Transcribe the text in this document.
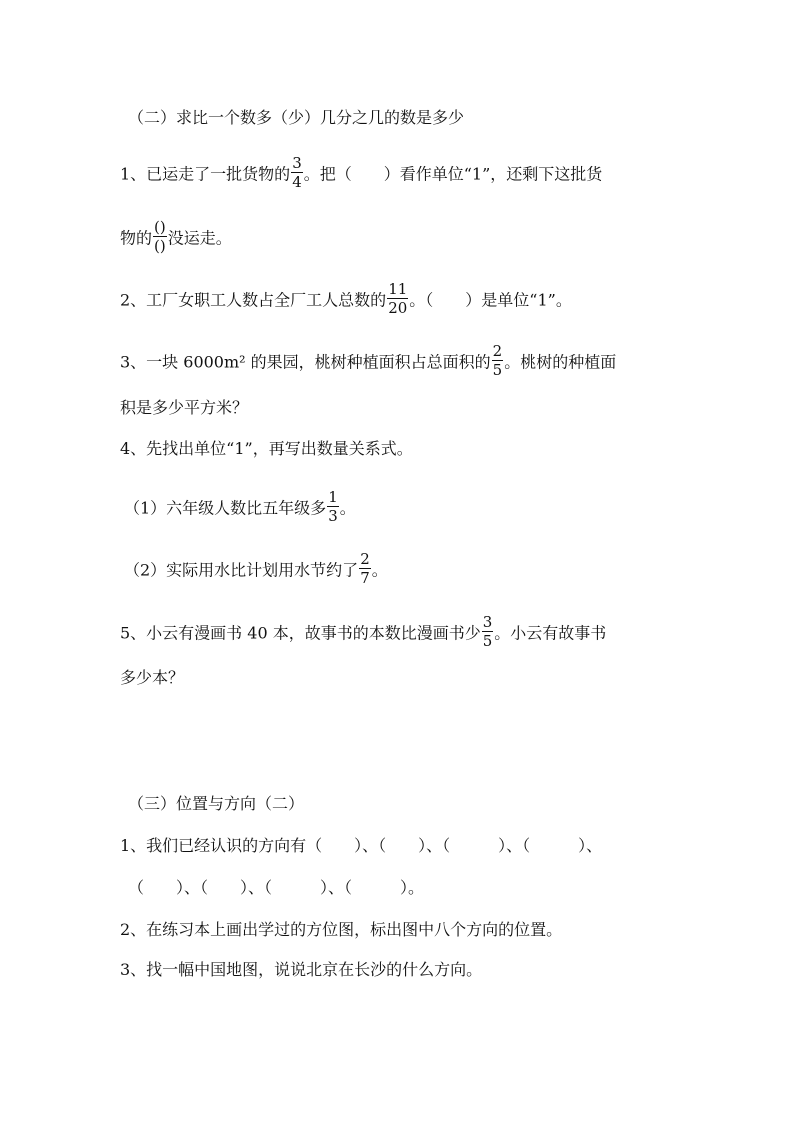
（二）求比一个数多（少）几分之几的数是多少
1、已运走了一批货物的 $\frac{3}{4}$ 。把（　　）看作单位“1”，还剩下这批货
物的 $\frac{()}{()}$ 没运走。
2、工厂女职工人数占全厂工人总数的 $\frac{11}{20}$ 。（　　）是单位“1”。
3、一块 6000m² 的果园，桃树种植面积占总面积的 $\frac{2}{5}$ 。桃树的种植面
积是多少平方米？
4、先找出单位“1”，再写出数量关系式。
（1）六年级人数比五年级多 $\frac{1}{3}$ 。
（2）实际用水比计划用水节约了 $\frac{2}{7}$ 。
5、小云有漫画书 40 本，故事书的本数比漫画书少 $\frac{3}{5}$ 。小云有故事书
多少本？
（三）位置与方向（二）
1、我们已经认识的方向有（　　）、（　　）、（　　　）、（　　　）、
（　　）、（　　）、（　　　）、（　　　）。
2、在练习本上画出学过的方位图，标出图中八个方向的位置。
3、找一幅中国地图，说说北京在长沙的什么方向。
